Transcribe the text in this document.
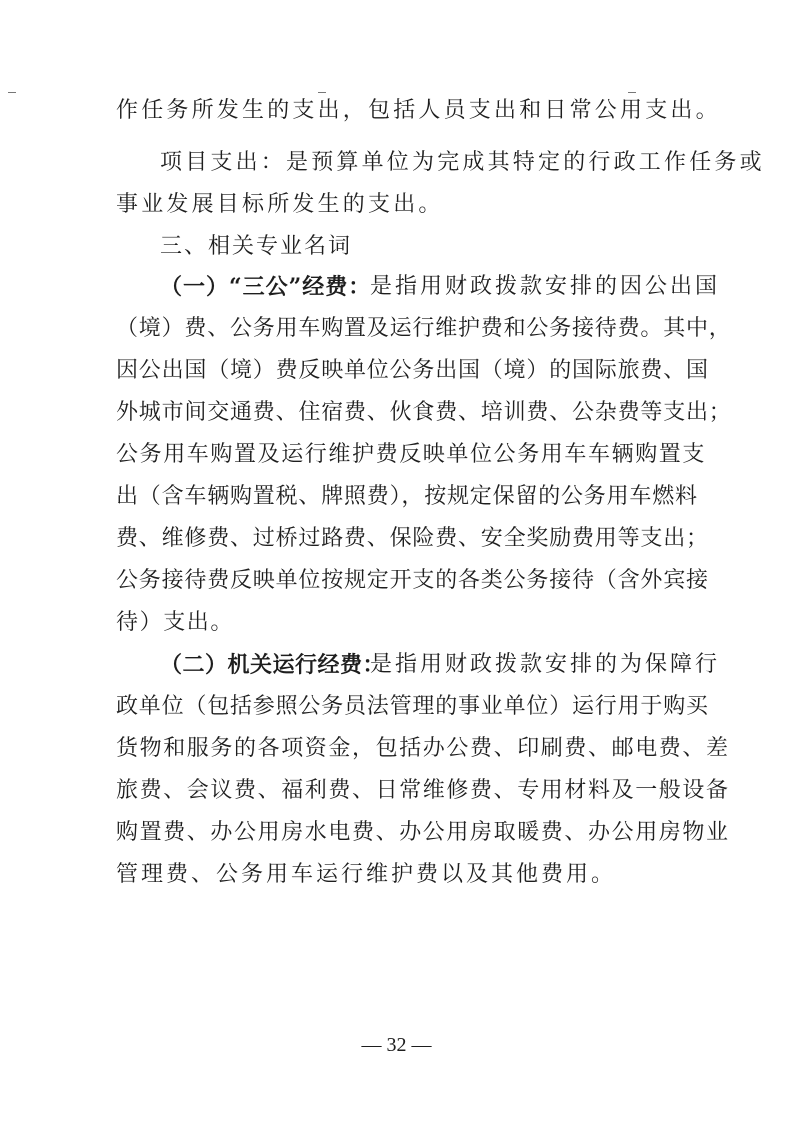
作任务所发生的支出，包括人员支出和日常公用支出。
项目支出：是预算单位为完成其特定的行政工作任务或
事业发展目标所发生的支出。
三、相关专业名词
（一）“三公”经费：
是指用财政拨款安排的因公出国
（境）费、公务用车购置及运行维护费和公务接待费。其中，
因公出国（境）费反映单位公务出国（境）的国际旅费、国
外城市间交通费、住宿费、伙食费、培训费、公杂费等支出；
公务用车购置及运行维护费反映单位公务用车车辆购置支
出（含车辆购置税、牌照费），按规定保留的公务用车燃料
费、维修费、过桥过路费、保险费、安全奖励费用等支出；
公务接待费反映单位按规定开支的各类公务接待（含外宾接
待）支出。
（二）机关运行经费：
是指用财政拨款安排的为保障行
政单位（包括参照公务员法管理的事业单位）运行用于购买
货物和服务的各项资金，包括办公费、印刷费、邮电费、差
旅费、会议费、福利费、日常维修费、专用材料及一般设备
购置费、办公用房水电费、办公用房取暖费、办公用房物业
管理费、公务用车运行维护费以及其他费用。
— 32 —
